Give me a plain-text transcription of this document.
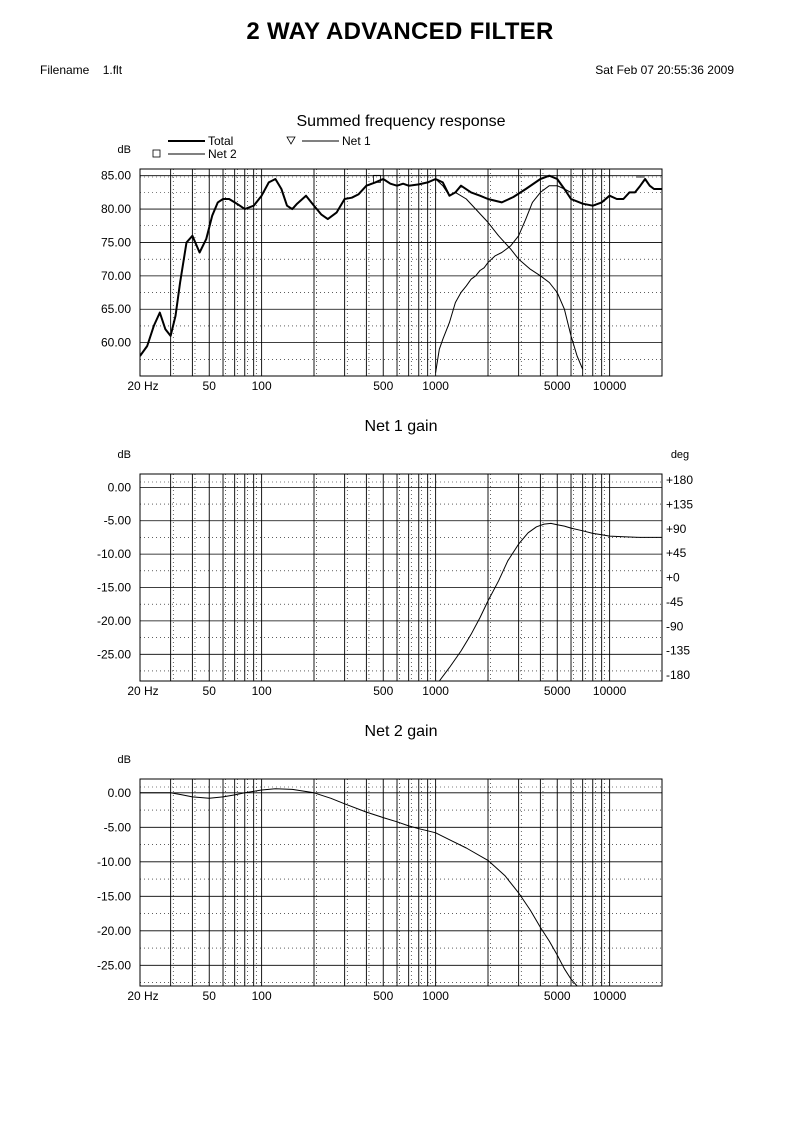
2 WAY ADVANCED FILTER
Filename 1.flt	Sat Feb 07 20:55:36 2009
Summed frequency response
dB
85.00
80.00
75.00
70.00
65.00
60.00
20 Hz	50	100	500 1000	5000 10000
Total	Net 1
Net 2
Net 1 gain
dB
0.00
-5.00
-10.00
-15.00
-20.00
-25.00
20 Hz	50	100	500 1000	5000 10000
deg
+180
+135
+90
+45
+0
-45
-90
-135
-180
Net 2 gain
dB
0.00
-5.00
-10.00
-15.00
-20.00
-25.00
20 Hz	50	100	500 1000	5000 10000
